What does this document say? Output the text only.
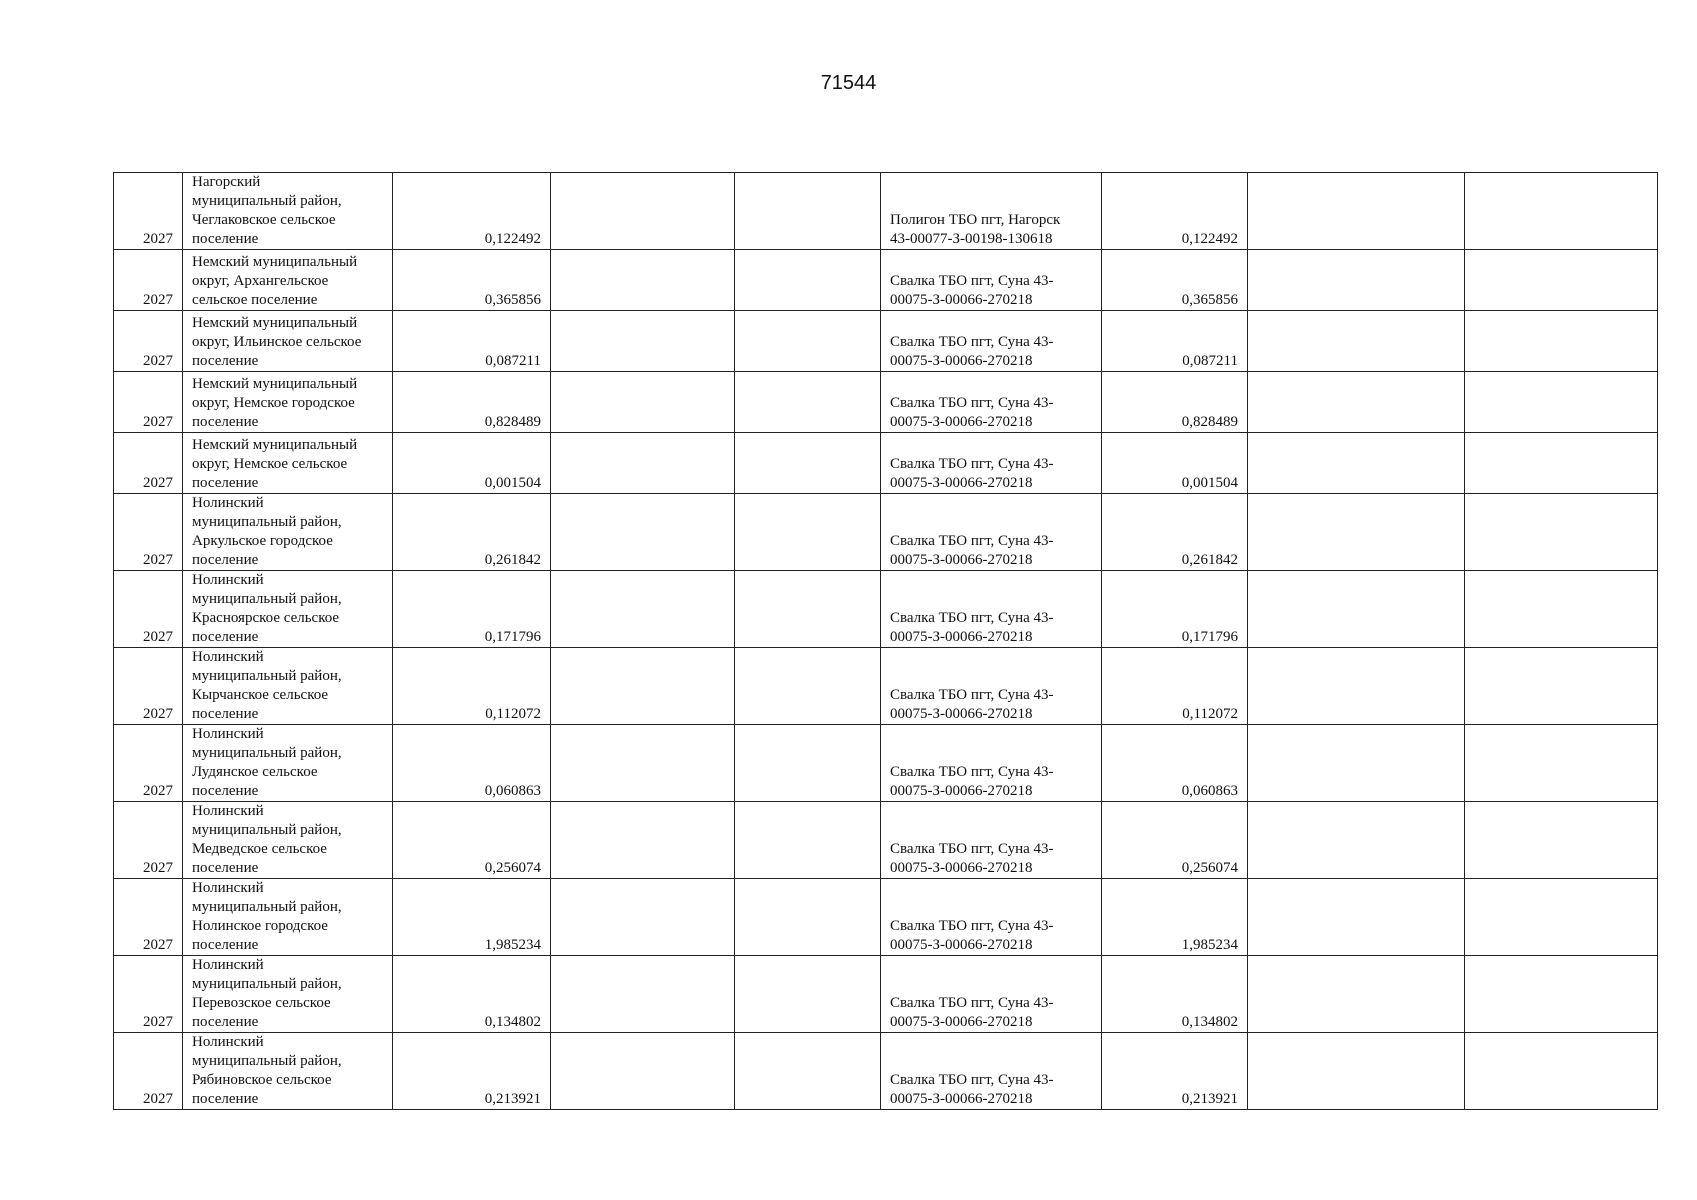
71544
2027	Нагорский
муниципальный район,
Чеглаковское сельское
поселение	0,122492			Полигон ТБО пгт, Нагорск
43-00077-З-00198-130618	0,122492		
2027	Немский муниципальный
округ, Архангельское
сельское поселение	0,365856			Свалка ТБО пгт, Суна 43-
00075-З-00066-270218	0,365856		
2027	Немский муниципальный
округ, Ильинское сельское
поселение	0,087211			Свалка ТБО пгт, Суна 43-
00075-З-00066-270218	0,087211		
2027	Немский муниципальный
округ, Немское городское
поселение	0,828489			Свалка ТБО пгт, Суна 43-
00075-З-00066-270218	0,828489		
2027	Немский муниципальный
округ, Немское сельское
поселение	0,001504			Свалка ТБО пгт, Суна 43-
00075-З-00066-270218	0,001504		
2027	Нолинский
муниципальный район,
Аркульское городское
поселение	0,261842			Свалка ТБО пгт, Суна 43-
00075-З-00066-270218	0,261842		
2027	Нолинский
муниципальный район,
Красноярское сельское
поселение	0,171796			Свалка ТБО пгт, Суна 43-
00075-З-00066-270218	0,171796		
2027	Нолинский
муниципальный район,
Кырчанское сельское
поселение	0,112072			Свалка ТБО пгт, Суна 43-
00075-З-00066-270218	0,112072		
2027	Нолинский
муниципальный район,
Лудянское сельское
поселение	0,060863			Свалка ТБО пгт, Суна 43-
00075-З-00066-270218	0,060863		
2027	Нолинский
муниципальный район,
Медведское сельское
поселение	0,256074			Свалка ТБО пгт, Суна 43-
00075-З-00066-270218	0,256074		
2027	Нолинский
муниципальный район,
Нолинское городское
поселение	1,985234			Свалка ТБО пгт, Суна 43-
00075-З-00066-270218	1,985234		
2027	Нолинский
муниципальный район,
Перевозское сельское
поселение	0,134802			Свалка ТБО пгт, Суна 43-
00075-З-00066-270218	0,134802		
2027	Нолинский
муниципальный район,
Рябиновское сельское
поселение	0,213921			Свалка ТБО пгт, Суна 43-
00075-З-00066-270218	0,213921		
